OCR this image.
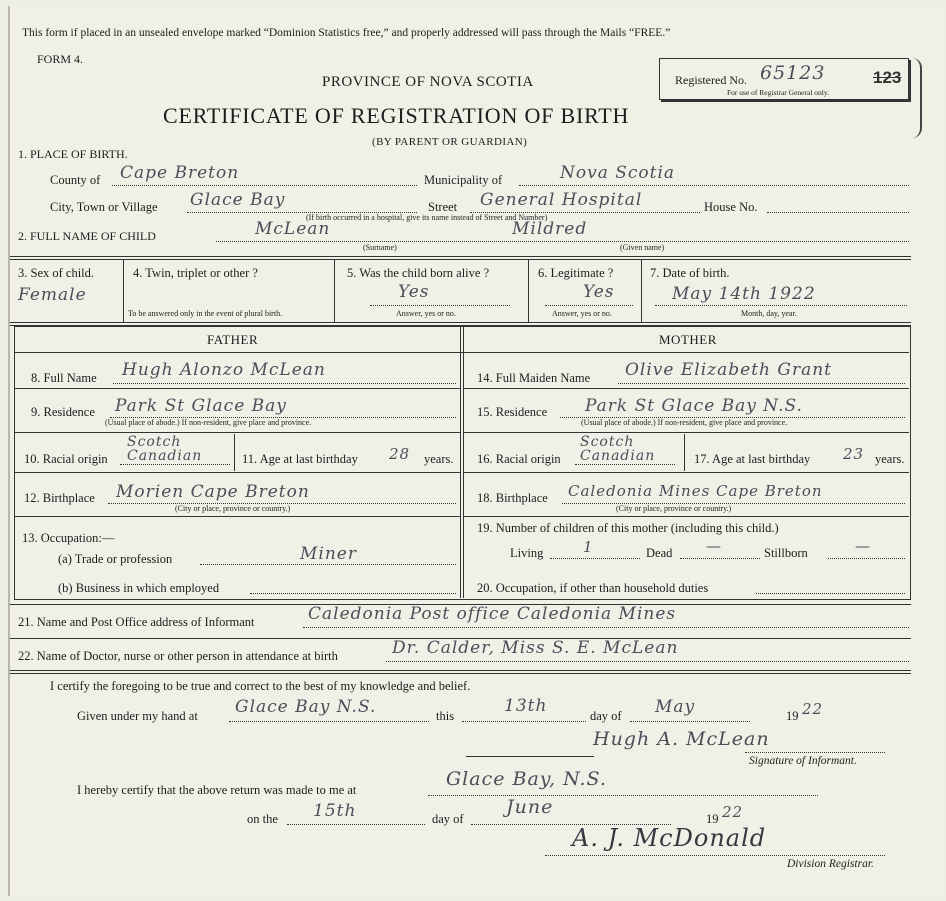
This form if placed in an unsealed envelope marked “Dominion Statistics free,” and properly addressed will pass through the Mails “FREE.”
FORM 4.
PROVINCE OF NOVA SCOTIA
CERTIFICATE OF REGISTRATION OF BIRTH
(BY PARENT OR GUARDIAN)
Registered No. 65123	123
For use of Registrar General only.
1. PLACE OF BIRTH.
County of Cape Breton	Municipality of	Nova Scotia
City, Town or Village Glace Bay	Street General Hospital	House No.
(If birth occurred in a hospital, give its name instead of Street and Number)
2. FULL NAME OF CHILD	McLean	Mildred
(Surname)	(Given name)
3. Sex of child.
Female
4. Twin, triplet or other ?
To be answered only in the event of plural birth.
5. Was the child born alive ?
Yes
Answer, yes or no.
6. Legitimate ?
Yes
Answer, yes or no.
7. Date of birth.
May 14th 1922
Month, day, year.
FATHER	MOTHER
8. Full Name Hugh Alonzo McLean
9. Residence Park St Glace Bay
(Usual place of abode.) If non-resident, give place and province.
10. Racial origin
Scotch Canadian	11. Age at last birthday 28 years.
12. Birthplace Morien Cape Breton
(City or place, province or country.)
13. Occupation:—
(a) Trade or profession	Miner
(b) Business in which employed
14. Full Maiden Name Olive Elizabeth Grant
15. Residence Park St Glace Bay N.S.
(Usual place of abode.) If non-resident, give place and province.
16. Racial origin
Scotch Canadian	17. Age at last birthday 23 years.
18. Birthplace Caledonia Mines Cape Breton
(City or place, province or country.)
19. Number of children of this mother (including this child.)
Living	1	Dead —	Stillborn	—
20. Occupation, if other than household duties
21. Name and Post Office address of Informant	Caledonia Post office Caledonia Mines
22. Name of Doctor, nurse or other person in attendance at birth	Dr. Calder, Miss S. E. McLean
I certify the foregoing to be true and correct to the best of my knowledge and belief.
Given under my hand at Glace Bay N.S.	this	13th	day of May	19 22
Hugh A. McLean
Signature of Informant.
I hereby certify that the above return was made to me at	Glace Bay, N.S.
on the 15th	day of
June
19 22
A. J. McDonald
Division Registrar.
